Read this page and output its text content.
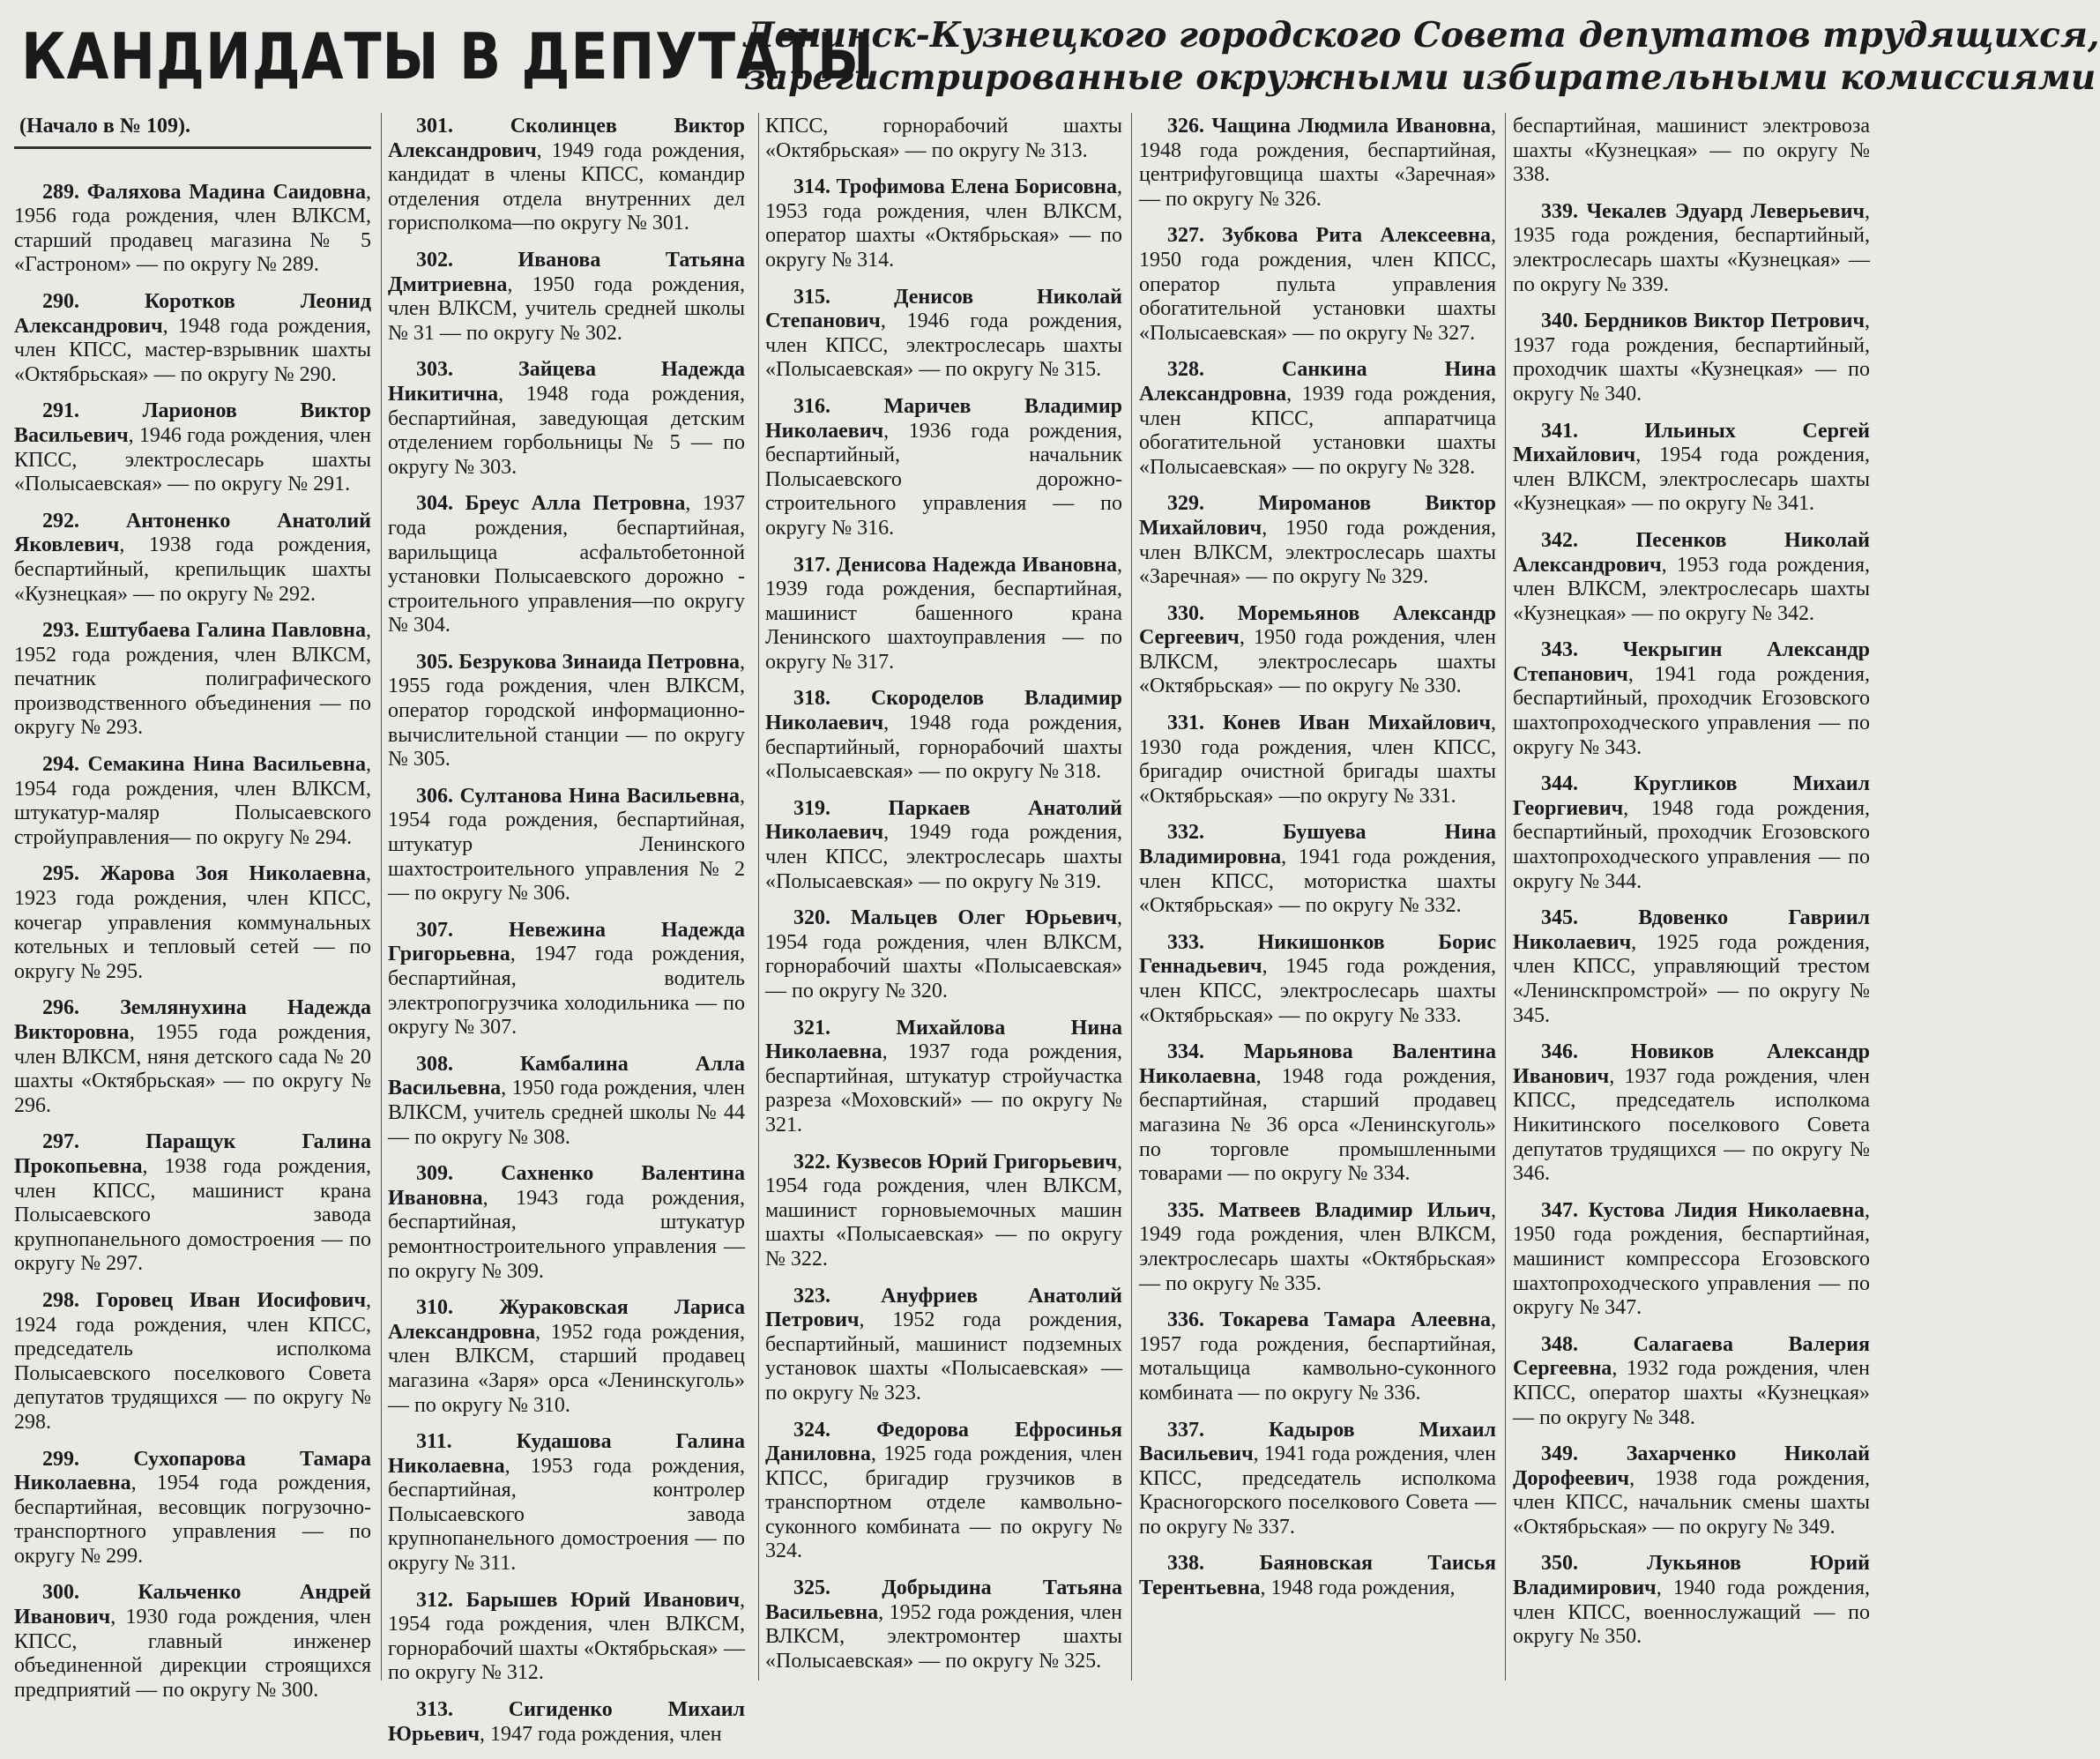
КАНДИДАТЫ В ДЕПУТАТЫ
Ленинск-Кузнецкого городского Совета депутатов трудящихся,
зарегистрированные окружными избирательными комиссиями
(Начало в № 109).

289. Фаляхова Мадина Саидовна, 1956 года рождения, член ВЛКСМ, старший продавец магазина № 5 «Гастроном» — по округу № 289.

290. Коротков Леонид Александрович, 1948 года рождения, член КПСС, мастер-взрывник шахты «Октябрьская» — по округу № 290.

291. Ларионов Виктор Васильевич, 1946 года рождения, член КПСС, электрослесарь шахты «Полысаевская» — по округу № 291.

292. Антоненко Анатолий Яковлевич, 1938 года рождения, беспартийный, крепильщик шахты «Кузнецкая» — по округу № 292.

293. Ештубаева Галина Павловна, 1952 года рождения, член ВЛКСМ, печатник полиграфического производственного объединения — по округу № 293.

294. Семакина Нина Васильевна, 1954 года рождения, член ВЛКСМ, штукатур-маляр Полысаевского стройуправления— по округу № 294.

295. Жарова Зоя Николаевна, 1923 года рождения, член КПСС, кочегар управления коммунальных котельных и тепловый сетей — по округу № 295.

296. Землянухина Надежда Викторовна, 1955 года рождения, член ВЛКСМ, няня детского сада № 20 шахты «Октябрьская» — по округу № 296.

297. Паращук Галина Прокопьевна, 1938 года рождения, член КПСС, машинист крана Полысаевского завода крупнопанельного домостроения — по округу № 297.

298. Горовец Иван Иосифович, 1924 года рождения, член КПСС, председатель исполкома Полысаевского поселкового Совета депутатов трудящихся — по округу № 298.

299. Сухопарова Тамара Николаевна, 1954 года рождения, беспартийная, весовщик погрузочно-транспортного управления — по округу № 299.

300. Кальченко Андрей Иванович, 1930 года рождения, член КПСС, главный инженер объединенной дирекции строящихся предприятий — по округу № 300.

301. Сколинцев Виктор Александрович, 1949 года рождения, кандидат в члены КПСС, командир отделения отдела внутренних дел горисполкома—по округу № 301.

302. Иванова Татьяна Дмитриевна, 1950 года рождения, член ВЛКСМ, учитель средней школы № 31 — по округу № 302.

303. Зайцева Надежда Никитична, 1948 года рождения, беспартийная, заведующая детским отделением горбольницы № 5 — по округу № 303.

304. Бреус Алла Петровна, 1937 года рождения, беспартийная, варильщица асфальтобетонной установки Полысаевского дорожно - строительного управления—по округу № 304.

305. Безрукова Зинаида Петровна, 1955 года рождения, член ВЛКСМ, оператор городской информационно-вычислительной станции — по округу № 305.

306. Султанова Нина Васильевна, 1954 года рождения, беспартийная, штукатур Ленинского шахтостроительного управления № 2 — по округу № 306.

307. Невежина Надежда Григорьевна, 1947 года рождения, беспартийная, водитель электропогрузчика холодильника — по округу № 307.

308. Камбалина Алла Васильевна, 1950 года рождения, член ВЛКСМ, учитель средней школы № 44 — по округу № 308.

309. Сахненко Валентина Ивановна, 1943 года рождения, беспартийная, штукатур ремонтностроительного управления — по округу № 309.

310. Жураковская Лариса Александровна, 1952 года рождения, член ВЛКСМ, старший продавец магазина «Заря» орса «Ленинскуголь» — по округу № 310.

311. Кудашова Галина Николаевна, 1953 года рождения, беспартийная, контролер Полысаевского завода крупнопанельного домостроения — по округу № 311.

312. Барышев Юрий Иванович, 1954 года рождения, член ВЛКСМ, горнорабочий шахты «Октябрьская» — по округу № 312.

313. Сигиденко Михаил Юрьевич, 1947 года рождения, член

КПСС, горнорабочий шахты «Октябрьская» — по округу № 313.

314. Трофимова Елена Борисовна, 1953 года рождения, член ВЛКСМ, оператор шахты «Октябрьская» — по округу № 314.

315. Денисов Николай Степанович, 1946 года рождения, член КПСС, электрослесарь шахты «Полысаевская» — по округу № 315.

316. Маричев Владимир Николаевич, 1936 года рождения, беспартийный, начальник Полысаевского дорожно-строительного управления — по округу № 316.

317. Денисова Надежда Ивановна, 1939 года рождения, беспартийная, машинист башенного крана Ленинского шахтоуправления — по округу № 317.

318. Скороделов Владимир Николаевич, 1948 года рождения, беспартийный, горнорабочий шахты «Полысаевская» — по округу № 318.

319. Паркаев Анатолий Николаевич, 1949 года рождения, член КПСС, электрослесарь шахты «Полысаевская» — по округу № 319.

320. Мальцев Олег Юрьевич, 1954 года рождения, член ВЛКСМ, горнорабочий шахты «Полысаевская» — по округу № 320.

321. Михайлова Нина Николаевна, 1937 года рождения, беспартийная, штукатур стройучастка разреза «Моховский» — по округу № 321.

322. Кузвесов Юрий Григорьевич, 1954 года рождения, член ВЛКСМ, машинист горновыемочных машин шахты «Полысаевская» — по округу № 322.

323. Ануфриев Анатолий Петрович, 1952 года рождения, беспартийный, машинист подземных установок шахты «Полысаевская» — по округу № 323.

324. Федорова Ефросинья Даниловна, 1925 года рождения, член КПСС, бригадир грузчиков в транспортном отделе камвольно-суконного комбината — по округу № 324.

325. Добрыдина Татьяна Васильевна, 1952 года рождения, член ВЛКСМ, электромонтер шахты «Полысаевская» — по округу № 325.

326. Чащина Людмила Ивановна, 1948 года рождения, беспартийная, центрифуговщица шахты «Заречная» — по округу № 326.

327. Зубкова Рита Алексеевна, 1950 года рождения, член КПСС, оператор пульта управления обогатительной установки шахты «Полысаевская» — по округу № 327.

328. Санкина Нина Александровна, 1939 года рождения, член КПСС, аппаратчица обогатительной установки шахты «Полысаевская» — по округу № 328.

329. Мироманов Виктор Михайлович, 1950 года рождения, член ВЛКСМ, электрослесарь шахты «Заречная» — по округу № 329.

330. Моремьянов Александр Сергеевич, 1950 года рождения, член ВЛКСМ, электрослесарь шахты «Октябрьская» — по округу № 330.

331. Конев Иван Михайлович, 1930 года рождения, член КПСС, бригадир очистной бригады шахты «Октябрьская» —по округу № 331.

332. Бушуева Нина Владимировна, 1941 года рождения, член КПСС, мотористка шахты «Октябрьская» — по округу № 332.

333. Никишонков Борис Геннадьевич, 1945 года рождения, член КПСС, электрослесарь шахты «Октябрьская» — по округу № 333.

334. Марьянова Валентина Николаевна, 1948 года рождения, беспартийная, старший продавец магазина № 36 орса «Ленинскуголь» по торговле промышленными товарами — по округу № 334.

335. Матвеев Владимир Ильич, 1949 года рождения, член ВЛКСМ, электрослесарь шахты «Октябрьская» — по округу № 335.

336. Токарева Тамара Алеевна, 1957 года рождения, беспартийная, мотальщица камвольно-суконного комбината — по округу № 336.

337. Кадыров Михаил Васильевич, 1941 года рождения, член КПСС, председатель исполкома Красногорского поселкового Совета — по округу № 337.

338. Баяновская Таисья Терентьевна, 1948 года рождения,

беспартийная, машинист электровоза шахты «Кузнецкая» — по округу № 338.

339. Чекалев Эдуард Леверьевич, 1935 года рождения, беспартийный, электрослесарь шахты «Кузнецкая» — по округу № 339.

340. Бердников Виктор Петрович, 1937 года рождения, беспартийный, проходчик шахты «Кузнецкая» — по округу № 340.

341. Ильиных Сергей Михайлович, 1954 года рождения, член ВЛКСМ, электрослесарь шахты «Кузнецкая» — по округу № 341.

342. Песенков Николай Александрович, 1953 года рождения, член ВЛКСМ, электрослесарь шахты «Кузнецкая» — по округу № 342.

343. Чекрыгин Александр Степанович, 1941 года рождения, беспартийный, проходчик Егозовского шахтопроходческого управления — по округу № 343.

344. Кругликов Михаил Георгиевич, 1948 года рождения, беспартийный, проходчик Егозовского шахтопроходческого управления — по округу № 344.

345. Вдовенко Гавриил Николаевич, 1925 года рождения, член КПСС, управляющий трестом «Ленинскпромстрой» — по округу № 345.

346. Новиков Александр Иванович, 1937 года рождения, член КПСС, председатель исполкома Никитинского поселкового Совета депутатов трудящихся — по округу № 346.

347. Кустова Лидия Николаевна, 1950 года рождения, беспартийная, машинист компрессора Егозовского шахтопроходческого управления — по округу № 347.

348. Салагаева Валерия Сергеевна, 1932 года рождения, член КПСС, оператор шахты «Кузнецкая» — по округу № 348.

349. Захарченко Николай Дорофеевич, 1938 года рождения, член КПСС, начальник смены шахты «Октябрьская» — по округу № 349.

350. Лукьянов Юрий Владимирович, 1940 года рождения, член КПСС, военнослужащий — по округу № 350.
